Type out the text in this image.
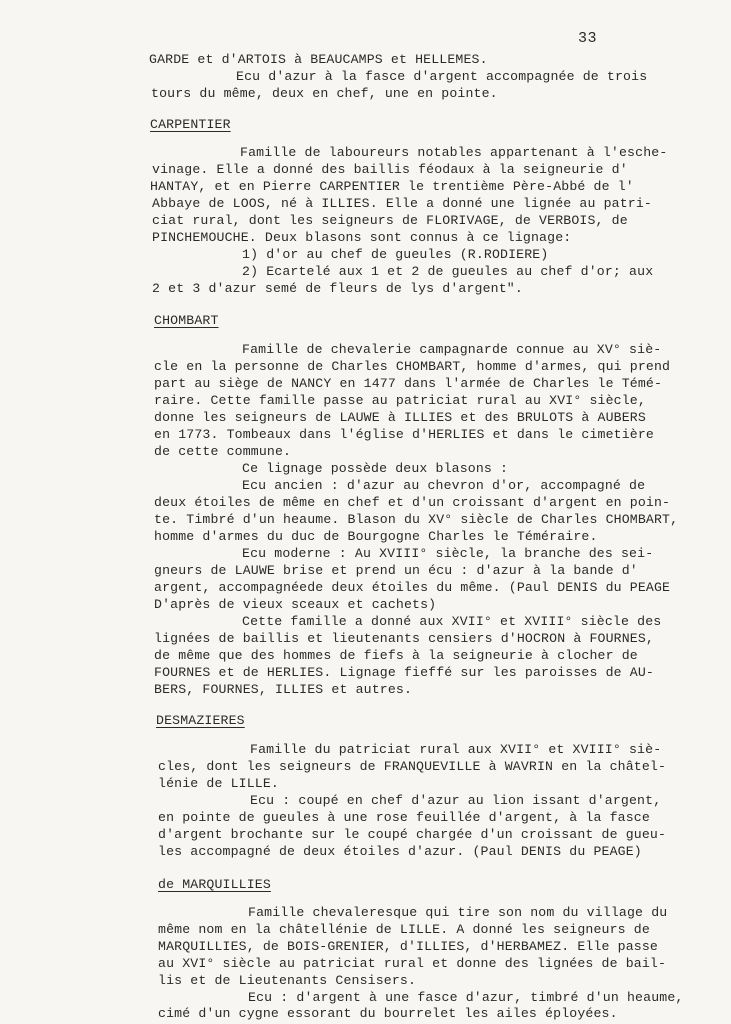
33
GARDE et d'ARTOIS à BEAUCAMPS et HELLEMES.
Ecu d'azur à la fasce d'argent accompagnée de trois
tours du même, deux en chef, une en pointe.
CARPENTIER
Famille de laboureurs notables appartenant à l'esche-
vinage. Elle a donné des baillis féodaux à la seigneurie d'
HANTAY, et en Pierre CARPENTIER le trentième Père-Abbé de l'
Abbaye de LOOS, né à ILLIES. Elle a donné une lignée au patri-
ciat rural, dont les seigneurs de FLORIVAGE, de VERBOIS, de
PINCHEMOUCHE. Deux blasons sont connus à ce lignage:
1) d'or au chef de gueules (R.RODIERE)
2) Ecartelé aux 1 et 2 de gueules au chef d'or; aux
2 et 3 d'azur semé de fleurs de lys d'argent".
CHOMBART
Famille de chevalerie campagnarde connue au XV° siè-
cle en la personne de Charles CHOMBART, homme d'armes, qui prend
part au siège de NANCY en 1477 dans l'armée de Charles le Témé-
raire. Cette famille passe au patriciat rural au XVI° siècle,
donne les seigneurs de LAUWE à ILLIES et des BRULOTS à AUBERS
en 1773. Tombeaux dans l'église d'HERLIES et dans le cimetière
de cette commune.
Ce lignage possède deux blasons :
Ecu ancien : d'azur au chevron d'or, accompagné de
deux étoiles de même en chef et d'un croissant d'argent en poin-
te. Timbré d'un heaume. Blason du XV° siècle de Charles CHOMBART,
homme d'armes du duc de Bourgogne Charles le Téméraire.
Ecu moderne : Au XVIII° siècle, la branche des sei-
gneurs de LAUWE brise et prend un écu : d'azur à la bande d'
argent, accompagnéede deux étoiles du même. (Paul DENIS du PEAGE
D'après de vieux sceaux et cachets)
Cette famille a donné aux XVII° et XVIII° siècle des
lignées de baillis et lieutenants censiers d'HOCRON à FOURNES,
de même que des hommes de fiefs à la seigneurie à clocher de
FOURNES et de HERLIES. Lignage fieffé sur les paroisses de AU-
BERS, FOURNES, ILLIES et autres.
DESMAZIERES
Famille du patriciat rural aux XVII° et XVIII° siè-
cles, dont les seigneurs de FRANQUEVILLE à WAVRIN en la châtel-
lénie de LILLE.
Ecu : coupé en chef d'azur au lion issant d'argent,
en pointe de gueules à une rose feuillée d'argent, à la fasce
d'argent brochante sur le coupé chargée d'un croissant de gueu-
les accompagné de deux étoiles d'azur. (Paul DENIS du PEAGE)
de MARQUILLIES
Famille chevaleresque qui tire son nom du village du
même nom en la châtellénie de LILLE. A donné les seigneurs de
MARQUILLIES, de BOIS-GRENIER, d'ILLIES, d'HERBAMEZ. Elle passe
au XVI° siècle au patriciat rural et donne des lignées de bail-
lis et de Lieutenants Censisers.
Ecu : d'argent à une fasce d'azur, timbré d'un heaume,
cimé d'un cygne essorant du bourrelet les ailes éployées.
